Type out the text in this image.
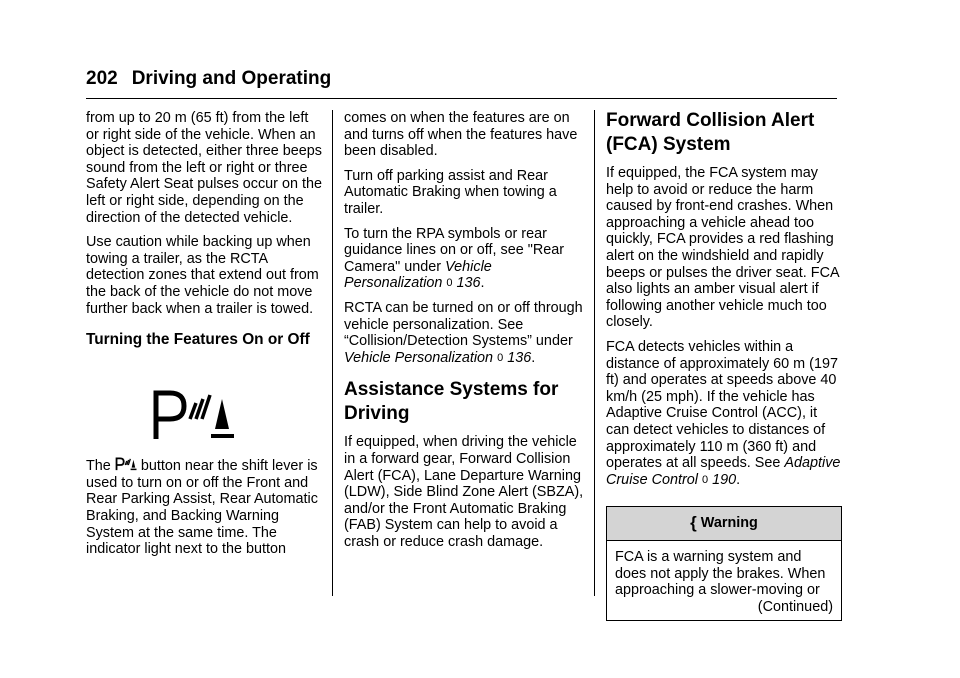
202 Driving and Operating

from up to 20 m (65 ft) from the left or right side of the vehicle. When an object is detected, either three beeps sound from the left or right or three Safety Alert Seat pulses occur on the left or right side, depending on the direction of the detected vehicle.

Use caution while backing up when towing a trailer, as the RCTA detection zones that extend out from the back of the vehicle do not move further back when a trailer is towed.

Turning the Features On or Off

The button near the shift lever is used to turn on or off the Front and Rear Parking Assist, Rear Automatic Braking, and Backing Warning System at the same time. The indicator light next to the button

comes on when the features are on and turns off when the features have been disabled.

Turn off parking assist and Rear Automatic Braking when towing a trailer.

To turn the RPA symbols or rear guidance lines on or off, see "Rear Camera" under Vehicle Personalization 0 136.

RCTA can be turned on or off through vehicle personalization. See “Collision/Detection Systems” under Vehicle Personalization 0 136.

Assistance Systems for
Driving

If equipped, when driving the vehicle in a forward gear, Forward Collision Alert (FCA), Lane Departure Warning (LDW), Side Blind Zone Alert (SBZA), and/or the Front Automatic Braking (FAB) System can help to avoid a crash or reduce crash damage.

Forward Collision Alert
(FCA) System

If equipped, the FCA system may help to avoid or reduce the harm caused by front-end crashes. When approaching a vehicle ahead too quickly, FCA provides a red flashing alert on the windshield and rapidly beeps or pulses the driver seat. FCA also lights an amber visual alert if following another vehicle much too closely.

FCA detects vehicles within a distance of approximately 60 m (197 ft) and operates at speeds above 40 km/h (25 mph). If the vehicle has Adaptive Cruise Control (ACC), it can detect vehicles to distances of approximately 110 m (360 ft) and operates at all speeds. See Adaptive Cruise Control 0 190.

{ Warning
FCA is a warning system and does not apply the brakes. When approaching a slower-moving or
(Continued)
